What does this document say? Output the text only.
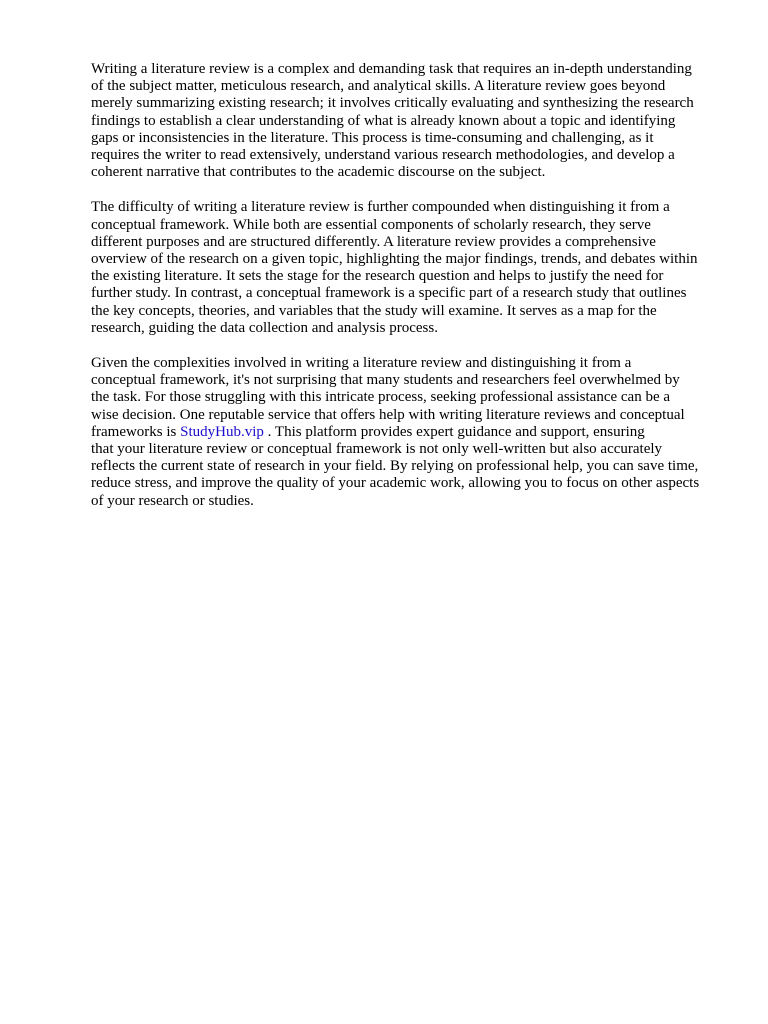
Writing a literature review is a complex and demanding task that requires an in-depth understanding
of the subject matter, meticulous research, and analytical skills. A literature review goes beyond
merely summarizing existing research; it involves critically evaluating and synthesizing the research
findings to establish a clear understanding of what is already known about a topic and identifying
gaps or inconsistencies in the literature. This process is time-consuming and challenging, as it
requires the writer to read extensively, understand various research methodologies, and develop a
coherent narrative that contributes to the academic discourse on the subject.

The difficulty of writing a literature review is further compounded when distinguishing it from a
conceptual framework. While both are essential components of scholarly research, they serve
different purposes and are structured differently. A literature review provides a comprehensive
overview of the research on a given topic, highlighting the major findings, trends, and debates within
the existing literature. It sets the stage for the research question and helps to justify the need for
further study. In contrast, a conceptual framework is a specific part of a research study that outlines
the key concepts, theories, and variables that the study will examine. It serves as a map for the
research, guiding the data collection and analysis process.

Given the complexities involved in writing a literature review and distinguishing it from a
conceptual framework, it's not surprising that many students and researchers feel overwhelmed by
the task. For those struggling with this intricate process, seeking professional assistance can be a
wise decision. One reputable service that offers help with writing literature reviews and conceptual
frameworks is StudyHub.vip . This platform provides expert guidance and support, ensuring
that your literature review or conceptual framework is not only well-written but also accurately
reflects the current state of research in your field. By relying on professional help, you can save time,
reduce stress, and improve the quality of your academic work, allowing you to focus on other aspects
of your research or studies.
